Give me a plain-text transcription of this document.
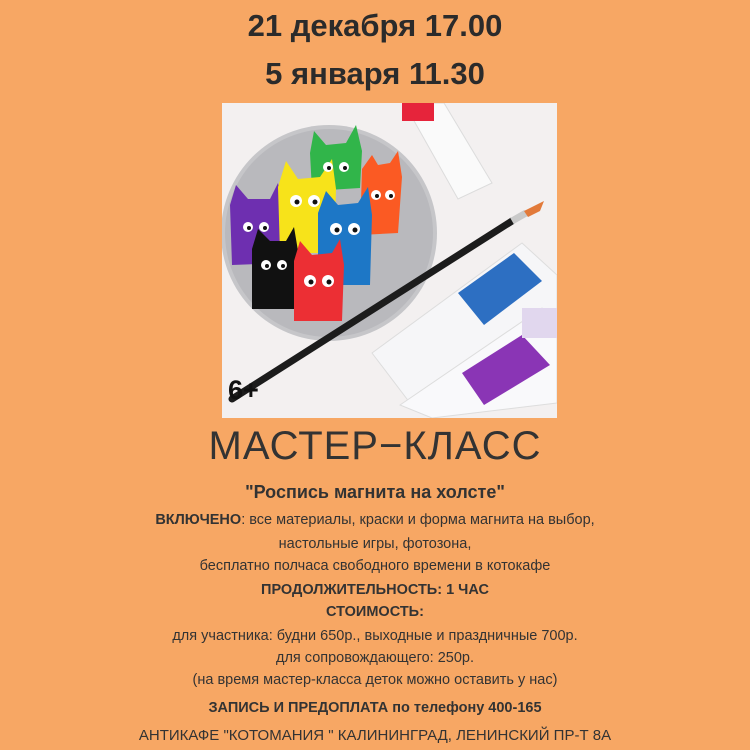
21 декабря 17.00
5 января 11.30
6+
МАСТЕР−КЛАСС
"Роспись магнита на холсте"
ВКЛЮЧЕНО: все материалы, краски и форма магнита на выбор,
настольные игры, фотозона,
бесплатно полчаса свободного времени в котокафе
ПРОДОЛЖИТЕЛЬНОСТЬ: 1 ЧАС
СТОИМОСТЬ:
для участника: будни 650р., выходные и праздничные 700р.
для сопровождающего: 250р.
(на время мастер-класса деток можно оставить у нас)
ЗАПИСЬ И ПРЕДОПЛАТА по телефону 400-165
АНТИКАФЕ "КОТОМАНИЯ " КАЛИНИНГРАД, ЛЕНИНСКИЙ ПР-Т 8А
